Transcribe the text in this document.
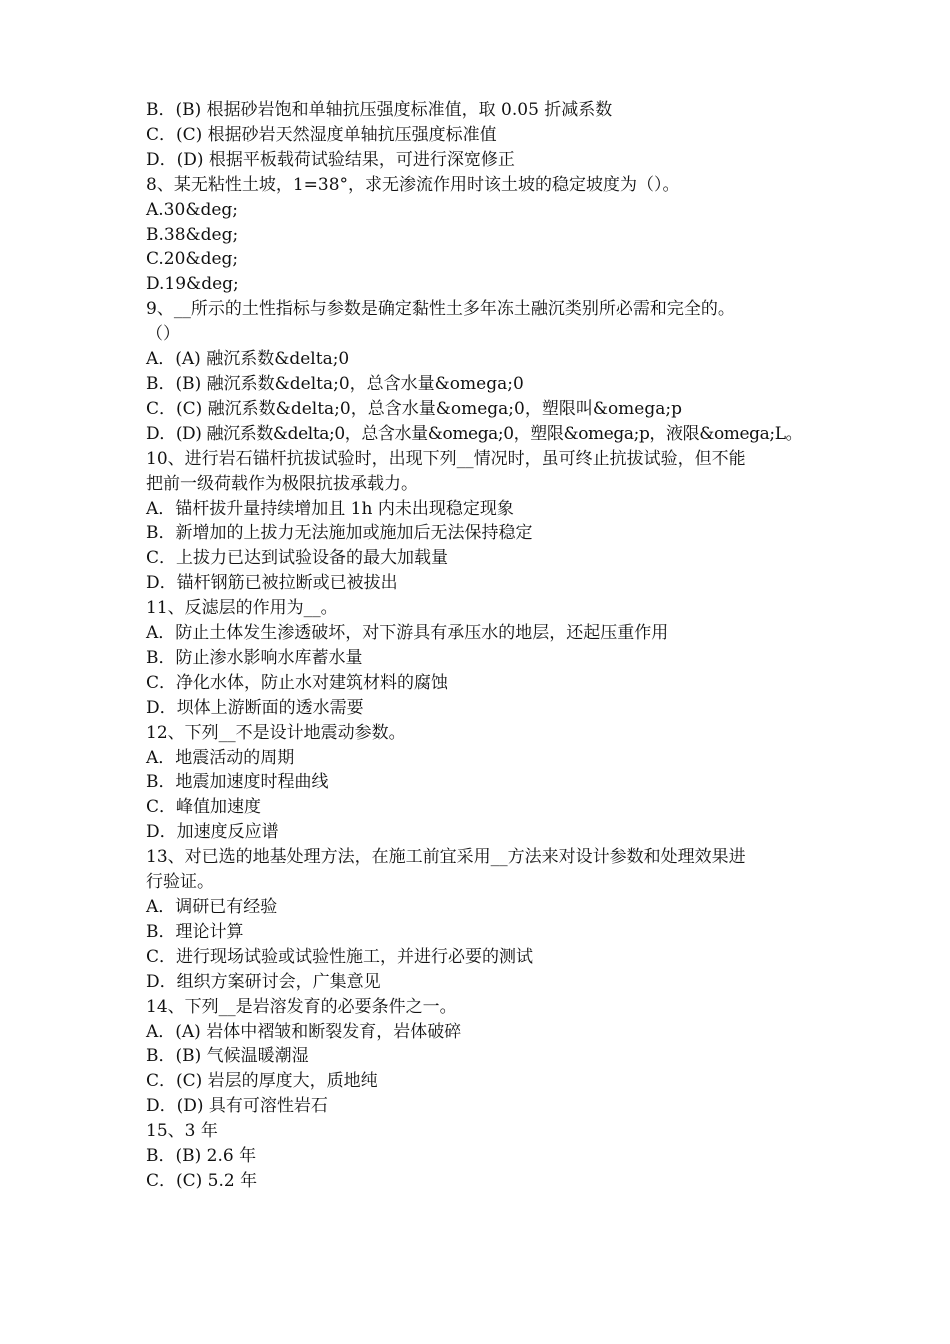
B．(B) 根据砂岩饱和单轴抗压强度标准值，取 0.05 折减系数

C．(C) 根据砂岩天然湿度单轴抗压强度标准值

D．(D) 根据平板载荷试验结果，可进行深宽修正

8、某无粘性土坡，1=38°，求无渗流作用时该土坡的稳定坡度为（）。

A.30&deg;

B.38&deg;

C.20&deg;

D.19&deg;

9、__所示的土性指标与参数是确定黏性土多年冻土融沉类别所必需和完全的。

（）

A．(A) 融沉系数&delta;0

B．(B) 融沉系数&delta;0，总含水量&omega;0

C．(C) 融沉系数&delta;0，总含水量&omega;0，塑限叫&omega;p

D．(D) 融沉系数&delta;0，总含水量&omega;0，塑限&omega;p，液限&omega;L。

10、进行岩石锚杆抗拔试验时，出现下列__情况时，虽可终止抗拔试验，但不能

把前一级荷载作为极限抗拔承载力。

A．锚杆拔升量持续增加且 1h 内未出现稳定现象

B．新增加的上拔力无法施加或施加后无法保持稳定

C．上拔力已达到试验设备的最大加载量

D．锚杆钢筋已被拉断或已被拔出

11、反滤层的作用为__。

A．防止土体发生渗透破坏，对下游具有承压水的地层，还起压重作用

B．防止渗水影响水库蓄水量

C．净化水体，防止水对建筑材料的腐蚀

D．坝体上游断面的透水需要

12、下列__不是设计地震动参数。

A．地震活动的周期

B．地震加速度时程曲线

C．峰值加速度

D．加速度反应谱

13、对已选的地基处理方法，在施工前宜采用__方法来对设计参数和处理效果进

行验证。

A．调研已有经验

B．理论计算

C．进行现场试验或试验性施工，并进行必要的测试

D．组织方案研讨会，广集意见

14、下列__是岩溶发育的必要条件之一。

A．(A) 岩体中褶皱和断裂发育，岩体破碎

B．(B) 气候温暖潮湿

C．(C) 岩层的厚度大，质地纯

D．(D) 具有可溶性岩石

15、3 年

B．(B) 2.6 年

C．(C) 5.2 年
